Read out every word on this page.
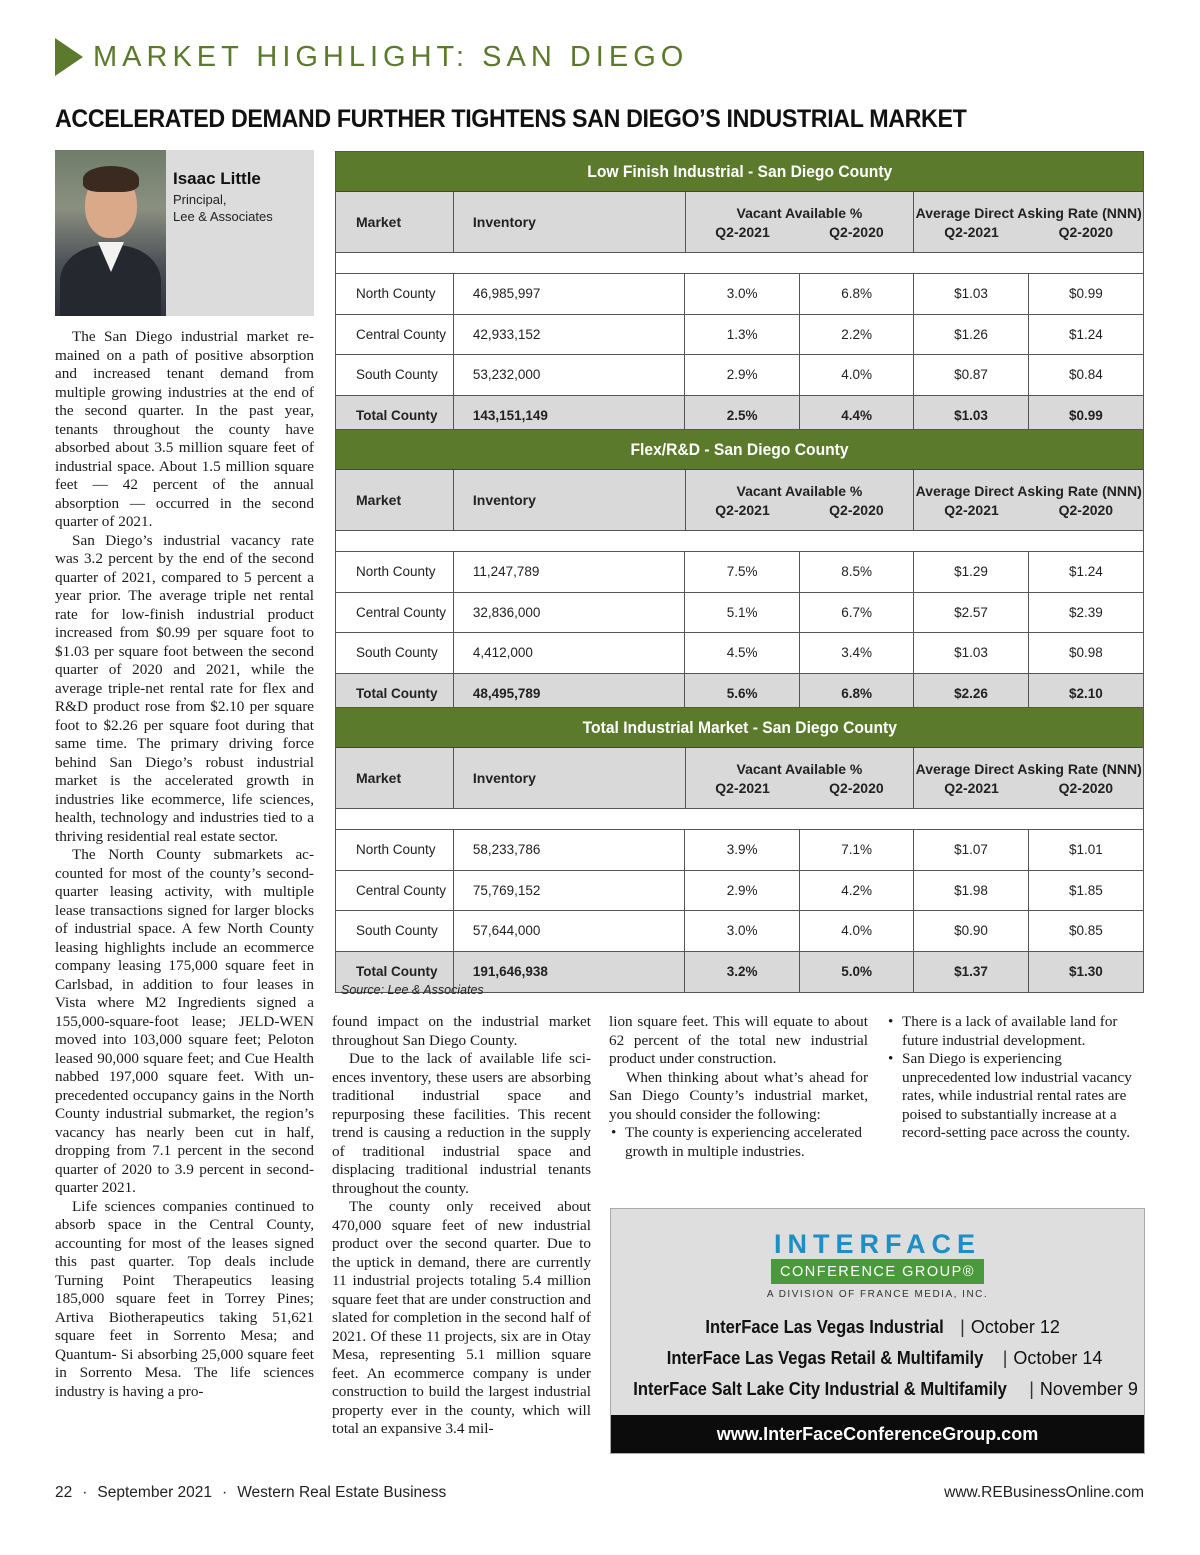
MARKET HIGHLIGHT: SAN DIEGO
ACCELERATED DEMAND FURTHER TIGHTENS SAN DIEGO’S INDUSTRIAL MARKET
Isaac Little
Principal,
Lee & Associates

The San Diego industrial market remained on a path of positive absorption and increased tenant demand from multiple growing industries at the end of the second quarter. In the past year, tenants throughout the county have absorbed about 3.5 million square feet of industrial space. About 1.5 million square feet — 42 percent of the annual absorption — occurred in the second quarter of 2021.

San Diego’s industrial vacancy rate was 3.2 percent by the end of the second quarter of 2021, compared to 5 percent a year prior. The average triple net rental rate for low-finish industrial product increased from $0.99 per square foot to $1.03 per square foot between the second quarter of 2020 and 2021, while the average triple-net rental rate for flex and R&D product rose from $2.10 per square foot to $2.26 per square foot during that same time. The primary driving force behind San Diego’s robust industrial market is the accelerated growth in industries like ecommerce, life sciences, health, technology and industries tied to a thriving residential real estate sector.

The North County submarkets accounted for most of the county’s second-quarter leasing activity, with multiple lease transactions signed for larger blocks of industrial space. A few North County leasing highlights include an ecommerce company leasing 175,000 square feet in Carlsbad, in addition to four leases in Vista where M2 Ingredients signed a 155,000-square-foot lease; JELD-WEN moved into 103,000 square feet; Peloton leased 90,000 square feet; and Cue Health nabbed 197,000 square feet. With unprecedented occupancy gains in the North County industrial submarket, the region’s vacancy has nearly been cut in half, dropping from 7.1 percent in the second quarter of 2020 to 3.9 percent in second-quarter 2021.

Life sciences companies continued to absorb space in the Central County, accounting for most of the leases signed this past quarter. Top deals include Turning Point Therapeutics leasing 185,000 square feet in Torrey Pines; Artiva Biotherapeutics taking 51,621 square feet in Sorrento Mesa; and Quantum- Si absorbing 25,000 square feet in Sorrento Mesa. The life sciences industry is having a pro-

Low Finish Industrial - San Diego County
Market	Inventory
Vacant Available %
Q2-2021	Q2-2020
Average Direct Asking Rate (NNN)
Q2-2021	Q2-2020
North County	46,985,997	3.0%	6.8%	$1.03	$0.99
Central County	42,933,152	1.3%	2.2%	$1.26	$1.24
South County	53,232,000	2.9%	4.0%	$0.87	$0.84
Total County	143,151,149	2.5%	4.4%	$1.03	$0.99
Flex/R&D - San Diego County
Market	Inventory
Vacant Available %
Q2-2021	Q2-2020
Average Direct Asking Rate (NNN)
Q2-2021	Q2-2020
North County	11,247,789	7.5%	8.5%	$1.29	$1.24
Central County	32,836,000	5.1%	6.7%	$2.57	$2.39
South County	4,412,000	4.5%	3.4%	$1.03	$0.98
Total County	48,495,789	5.6%	6.8%	$2.26	$2.10
Total Industrial Market - San Diego County
Market	Inventory
Vacant Available %
Q2-2021	Q2-2020
Average Direct Asking Rate (NNN)
Q2-2021	Q2-2020
North County	58,233,786	3.9%	7.1%	$1.07	$1.01
Central County	75,769,152	2.9%	4.2%	$1.98	$1.85
South County	57,644,000	3.0%	4.0%	$0.90	$0.85
Total County	191,646,938	3.2%	5.0%	$1.37	$1.30
Source: Lee & Associates

found impact on the industrial market throughout San Diego County.

Due to the lack of available life sciences inventory, these users are absorbing traditional industrial space and repurposing these facilities. This recent trend is causing a reduction in the supply of traditional industrial space and displacing traditional industrial tenants throughout the county.

The county only received about 470,000 square feet of new industrial product over the second quarter. Due to the uptick in demand, there are currently 11 industrial projects totaling 5.4 million square feet that are under construction and slated for completion in the second half of 2021. Of these 11 projects, six are in Otay Mesa, representing 5.1 million square feet. An ecommerce company is under construction to build the largest industrial property ever in the county, which will total an expansive 3.4 mil-

lion square feet. This will equate to about 62 percent of the total new industrial product under construction.

When thinking about what’s ahead for San Diego County’s industrial market, you should consider the following:

• The county is experiencing accelerated growth in multiple industries.
• There is a lack of available land for future industrial development.
• San Diego is experiencing unprecedented low industrial vacancy rates, while industrial rental rates are poised to substantially increase at a record-setting pace across the county.
INTERFACE
CONFERENCE GROUP®
A DIVISION OF FRANCE MEDIA, INC.
InterFace Las Vegas Industrial | October 12
InterFace Las Vegas Retail & Multifamily | October 14
InterFace Salt Lake City Industrial & Multifamily | November 9
www.InterFaceConferenceGroup.com
22 · September 2021 · Western Real Estate Business	www.REBusinessOnline.com
